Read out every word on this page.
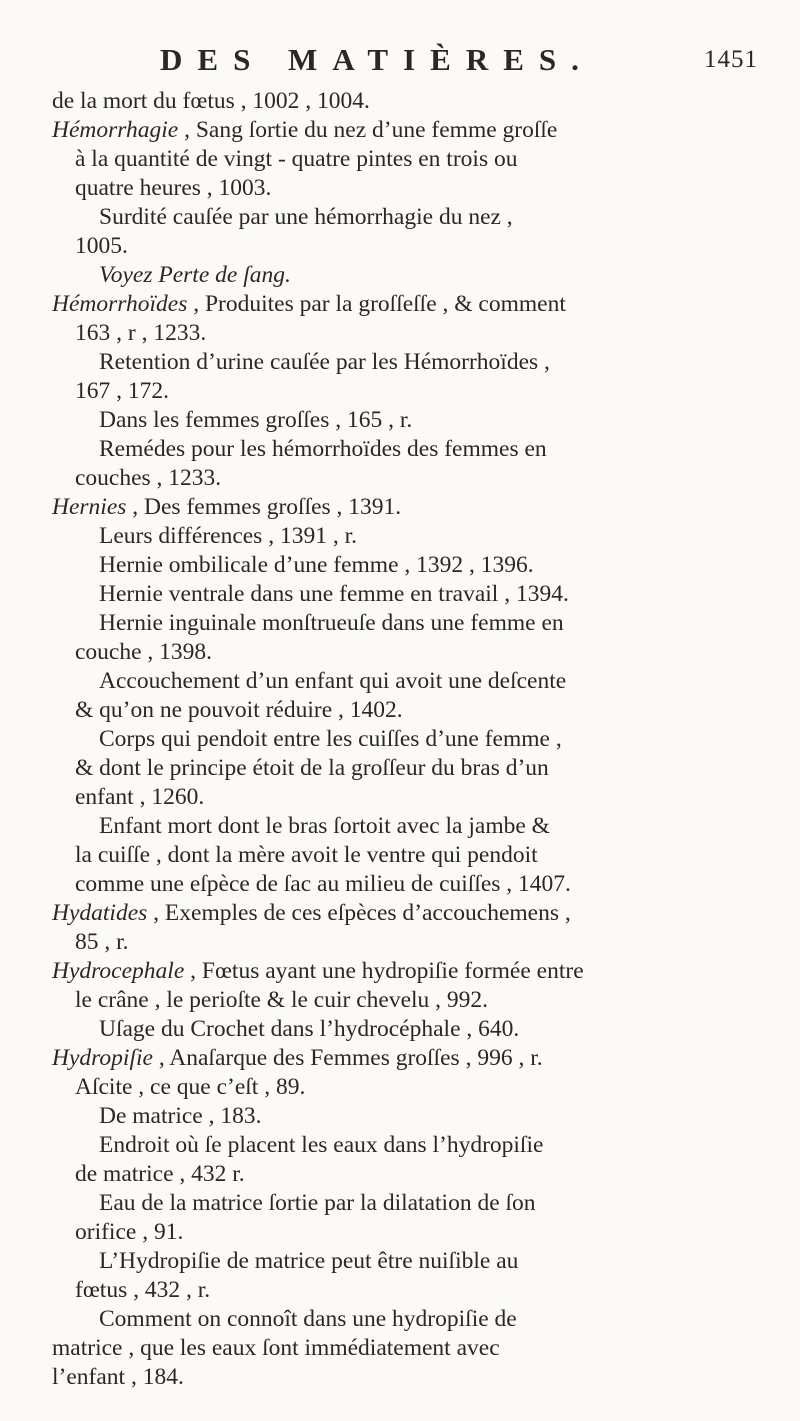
DES MATIÈRES.	1451
de la mort du fœtus , 1002 , 1004.
Hémorrhagie , Sang ſortie du nez d’une femme groſſe
à la quantité de vingt - quatre pintes en trois ou
quatre heures , 1003.
Surdité cauſée par une hémorrhagie du nez ,
1005.
Voyez Perte de ſang.
Hémorrhoïdes , Produites par la groſſeſſe , & comment
163 , r , 1233.
Retention d’urine cauſée par les Hémorrhoïdes ,
167 , 172.
Dans les femmes groſſes , 165 , r.
Remédes pour les hémorrhoïdes des femmes en
couches , 1233.
Hernies , Des femmes groſſes , 1391.
Leurs différences , 1391 , r.
Hernie ombilicale d’une femme , 1392 , 1396.
Hernie ventrale dans une femme en travail , 1394.
Hernie inguinale monſtrueuſe dans une femme en
couche , 1398.
Accouchement d’un enfant qui avoit une deſcente
& qu’on ne pouvoit réduire , 1402.
Corps qui pendoit entre les cuiſſes d’une femme ,
& dont le principe étoit de la groſſeur du bras d’un
enfant , 1260.
Enfant mort dont le bras ſortoit avec la jambe &
la cuiſſe , dont la mère avoit le ventre qui pendoit
comme une eſpèce de ſac au milieu de cuiſſes , 1407.
Hydatides , Exemples de ces eſpèces d’accouchemens ,
85 , r.
Hydrocephale , Fœtus ayant une hydropiſie formée entre
le crâne , le perioſte & le cuir chevelu , 992.
Uſage du Crochet dans l’hydrocéphale , 640.
Hydropiſie , Anaſarque des Femmes groſſes , 996 , r.
Aſcite , ce que c’eſt , 89.
De matrice , 183.
Endroit où ſe placent les eaux dans l’hydropiſie
de matrice , 432 r.
Eau de la matrice ſortie par la dilatation de ſon
orifice , 91.
L’Hydropiſie de matrice peut être nuiſible au
fœtus , 432 , r.
Comment on connoît dans une hydropiſie de
matrice , que les eaux ſont immédiatement avec
l’enfant , 184.
